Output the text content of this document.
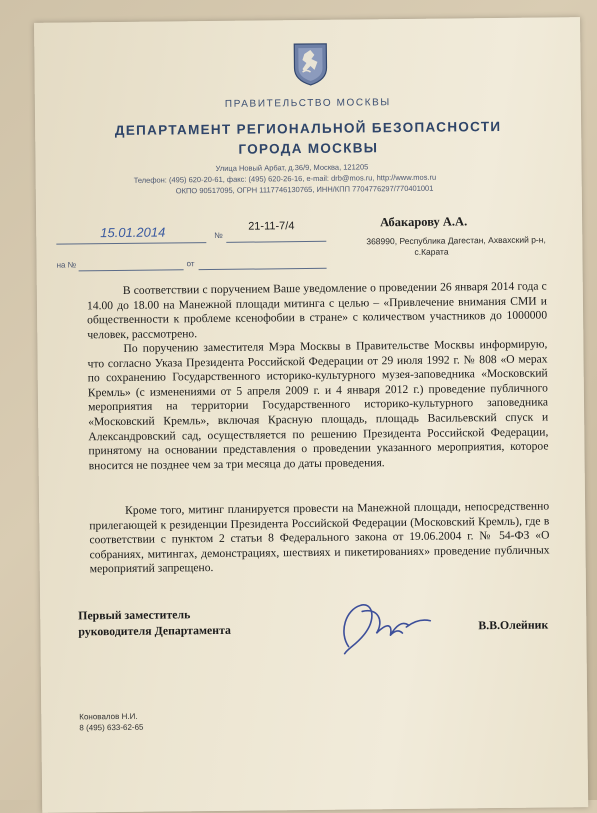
ПРАВИТЕЛЬСТВО МОСКВЫ
ДЕПАРТАМЕНТ РЕГИОНАЛЬНОЙ БЕЗОПАСНОСТИ
ГОРОДА МОСКВЫ
Улица Новый Арбат, д.36/9, Москва, 121205
Телефон: (495) 620-20-61, факс: (495) 620-26-16, e-mail: drb@mos.ru, http://www.mos.ru
ОКПО 90517095, ОГРН 1117746130765, ИНН/КПП 7704776297/770401001
15.01.2014	№
21-11-7/4
на №	от
Абакарову А.А.
368990, Республика Дагестан, Ахвахский р-н,
с.Карата

В соответствии с поручением Ваше уведомление о проведении 26 января 2014 года с 14.00 до 18.00 на Манежной площади митинга с целью – «Привлечение внимания СМИ и общественности к проблеме ксенофобии в стране» с количеством участников до 1000000 человек, рассмотрено.

По поручению заместителя Мэра Москвы в Правительстве Москвы информирую, что согласно Указа Президента Российской Федерации от 29 июля 1992 г. № 808 «О мерах по сохранению Государственного историко-культурного музея-заповедника «Московский Кремль» (с изменениями от 5 апреля 2009 г. и 4 января 2012 г.) проведение публичного мероприятия на территории Государственного историко-культурного заповедника «Московский Кремль», включая Красную площадь, площадь Васильевский спуск и Александровский сад, осуществляется по решению Президента Российской Федерации, принятому на основании представления о проведении указанного мероприятия, которое вносится не позднее чем за три месяца до даты проведения.

Кроме того, митинг планируется провести на Манежной площади, непосредственно прилегающей к резиденции Президента Российской Федерации (Московский Кремль), где в соответствии с пунктом 2 статьи 8 Федерального закона от 19.06.2004 г. № 54-ФЗ «О собраниях, митингах, демонстрациях, шествиях и пикетированиях» проведение публичных мероприятий запрещено.

Первый заместитель
руководителя Департамента	В.В.Олейник
Коновалов Н.И.
8 (495) 633-62-65
